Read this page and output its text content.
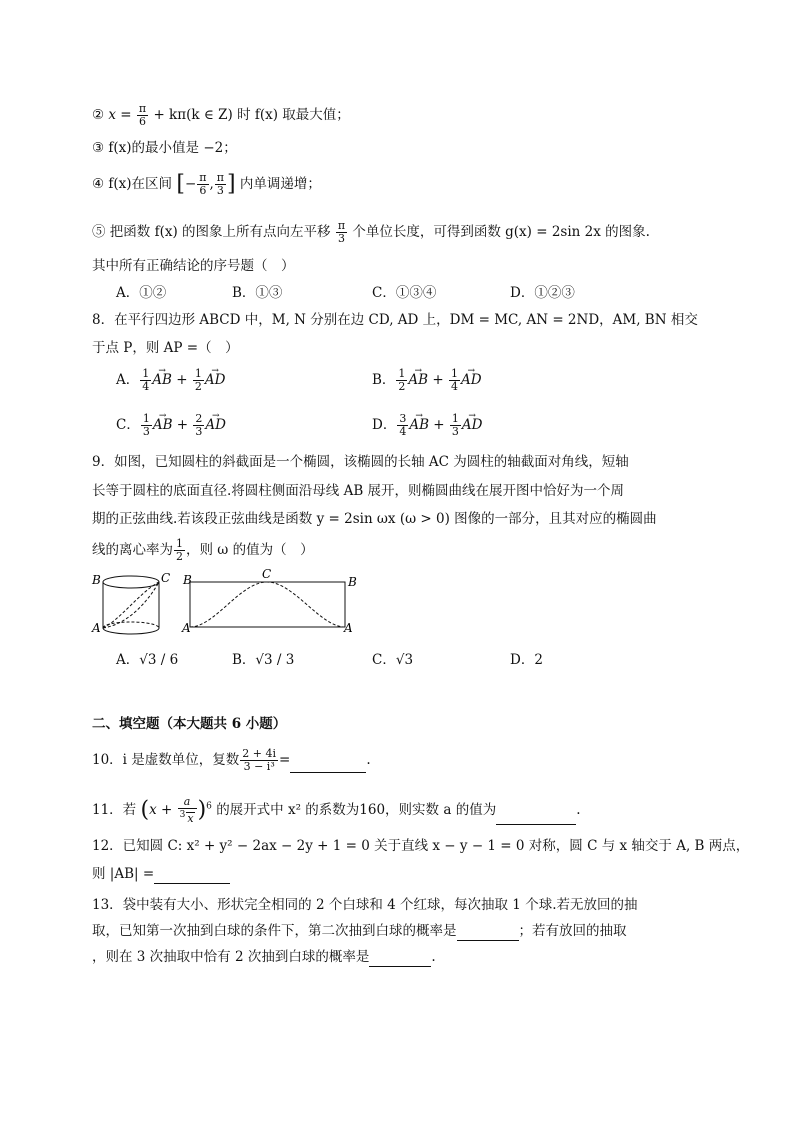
② $x = \frac{\pi}{6} + k\pi(k$ ∈ Z) 时 f(x) 取最大值；
③ f(x)的最小值是 −2；
④ f(x)在区间 [− $\frac{\pi}{6}$ , $\frac{\pi}{3}$ ] 内单调递增；
⑤ 把函数 f(x) 的图象上所有点向左平移 $\frac{\pi}{3}$ 个单位长度，可得到函数 g(x) = 2sin 2x 的图象.
其中所有正确结论的序号题（　）
A．①②	B．①③	C．①③④	D．①②③
8．在平行四边形 ABCD 中，M, N 分别在边 CD, AD 上，DM = MC, AN = 2ND，AM, BN 相交
于点 P，则 AP =（　）
A． $\frac{1}{4}$ → AB + $\frac{1}{2}$ → AD	B． $\frac{1}{2}$ → AB + $\frac{1}{4}$ → AD
C． $\frac{1}{3}$ → AB + $\frac{2}{3}$ → AD	D． $\frac{3}{4}$ → AB + $\frac{1}{3}$ → AD
9．如图，已知圆柱的斜截面是一个椭圆，该椭圆的长轴 AC 为圆柱的轴截面对角线，短轴
长等于圆柱的底面直径.将圆柱侧面沿母线 AB 展开，则椭圆曲线在展开图中恰好为一个周
期的正弦曲线.若该段正弦曲线是函数 y = 2sin ωx (ω > 0) 图像的一部分，且其对应的椭圆曲
线的离心率为 $\frac{1}{2}$ ，则 ω 的值为（　）
B	C
A
B	B
C
A	A
A．√3 / 6	B．√3 / 3	C．√3	D．2
二、填空题（本大题共 6 小题）
10．i 是虚数单位，复数 $\frac{2 + 4i}{\text{3 − i³}}$ =	.
11．若 $(x + \frac{a}{^3 x} )^6$ 的展开式中 x² 的系数为160，则实数 a 的值为	.
12．已知圆 C: x² + y² − 2ax − 2y + 1 = 0 关于直线 x − y − 1 = 0 对称，圆 C 与 x 轴交于 A, B 两点，
则 |AB| =
13．袋中装有大小、形状完全相同的 2 个白球和 4 个红球，每次抽取 1 个球.若无放回的抽
取，已知第一次抽到白球的条件下，第二次抽到白球的概率是	；若有放回的抽取
，则在 3 次抽取中恰有 2 次抽到白球的概率是	.
